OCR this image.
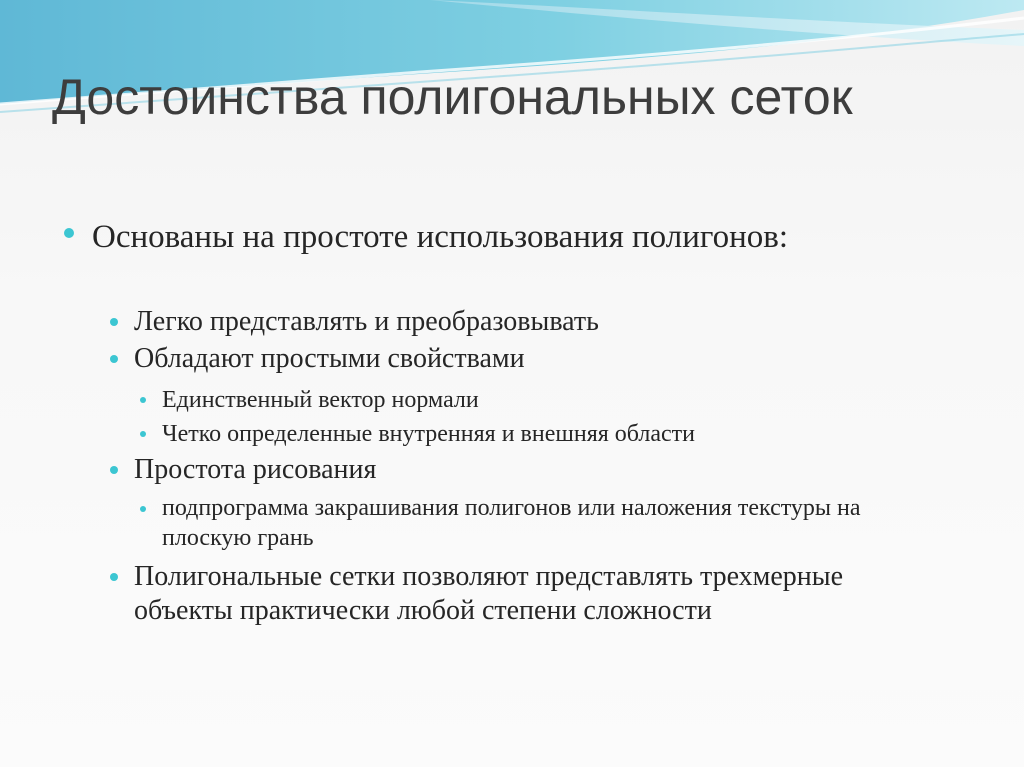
Достоинства полигональных сеток
Основаны на простоте использования полигонов:
Легко представлять и преобразовывать
Обладают простыми свойствами
Единственный вектор нормали
Четко определенные внутренняя и внешняя области
Простота рисования
подпрограмма закрашивания полигонов или наложения текстуры на плоскую грань
Полигональные сетки позволяют представлять трехмерные объекты практически любой степени сложности
